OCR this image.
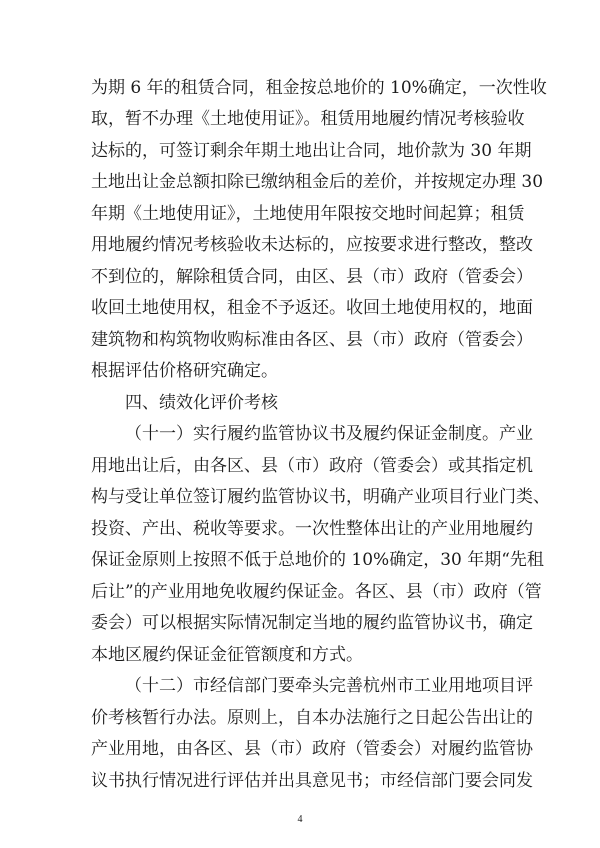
为期 6 年的租赁合同，租金按总地价的 10%确定，一次性收
取，暂不办理《土地使用证》。租赁用地履约情况考核验收
达标的，可签订剩余年期土地出让合同，地价款为 30 年期
土地出让金总额扣除已缴纳租金后的差价，并按规定办理 30
年期《土地使用证》，土地使用年限按交地时间起算；租赁
用地履约情况考核验收未达标的，应按要求进行整改，整改
不到位的，解除租赁合同，由区、县（市）政府（管委会）
收回土地使用权，租金不予返还。收回土地使用权的，地面
建筑物和构筑物收购标准由各区、县（市）政府（管委会）
根据评估价格研究确定。
四、绩效化评价考核
（十一）实行履约监管协议书及履约保证金制度。产业
用地出让后，由各区、县（市）政府（管委会）或其指定机
构与受让单位签订履约监管协议书，明确产业项目行业门类、
投资、产出、税收等要求。一次性整体出让的产业用地履约
保证金原则上按照不低于总地价的 10%确定，30 年期“先租
后让”的产业用地免收履约保证金。各区、县（市）政府（管
委会）可以根据实际情况制定当地的履约监管协议书，确定
本地区履约保证金征管额度和方式。
（十二）市经信部门要牵头完善杭州市工业用地项目评
价考核暂行办法。原则上，自本办法施行之日起公告出让的
产业用地，由各区、县（市）政府（管委会）对履约监管协
议书执行情况进行评估并出具意见书；市经信部门要会同发
4
